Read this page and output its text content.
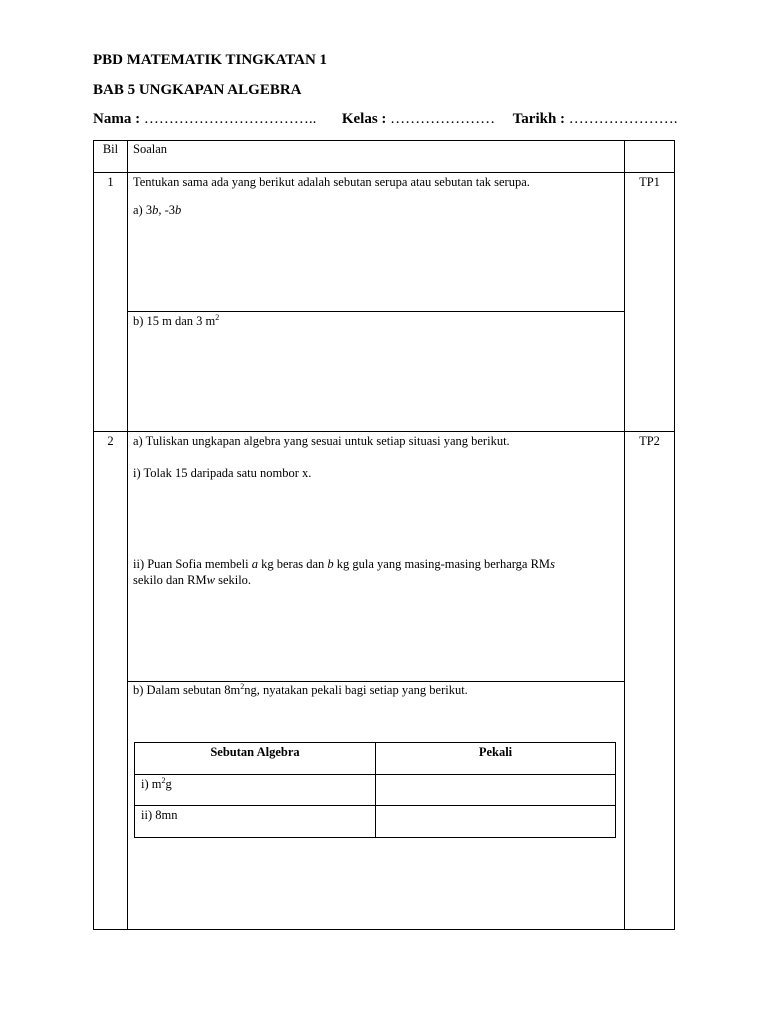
PBD MATEMATIK TINGKATAN 1
BAB 5 UNGKAPAN ALGEBRA
Nama : …………………………….. Kelas : ………………… Tarikh : ………………….
Bil	Soalan
1	Tentukan sama ada yang berikut adalah sebutan serupa atau sebutan tak serupa.	TP1
a) 3b, -3b
b) 15 m dan 3 $m^2$
2	a) Tuliskan ungkapan algebra yang sesuai untuk setiap situasi yang berikut.	TP2
i) Tolak 15 daripada satu nombor x.
ii) Puan Sofia membeli a kg beras dan b kg gula yang masing-masing berharga RMs
sekilo dan RMw sekilo.
b) Dalam sebutan $8m^2ng$, nyatakan pekali bagi setiap yang berikut.
Sebutan Algebra	Pekali
i) $m^2g$
ii) 8mn
